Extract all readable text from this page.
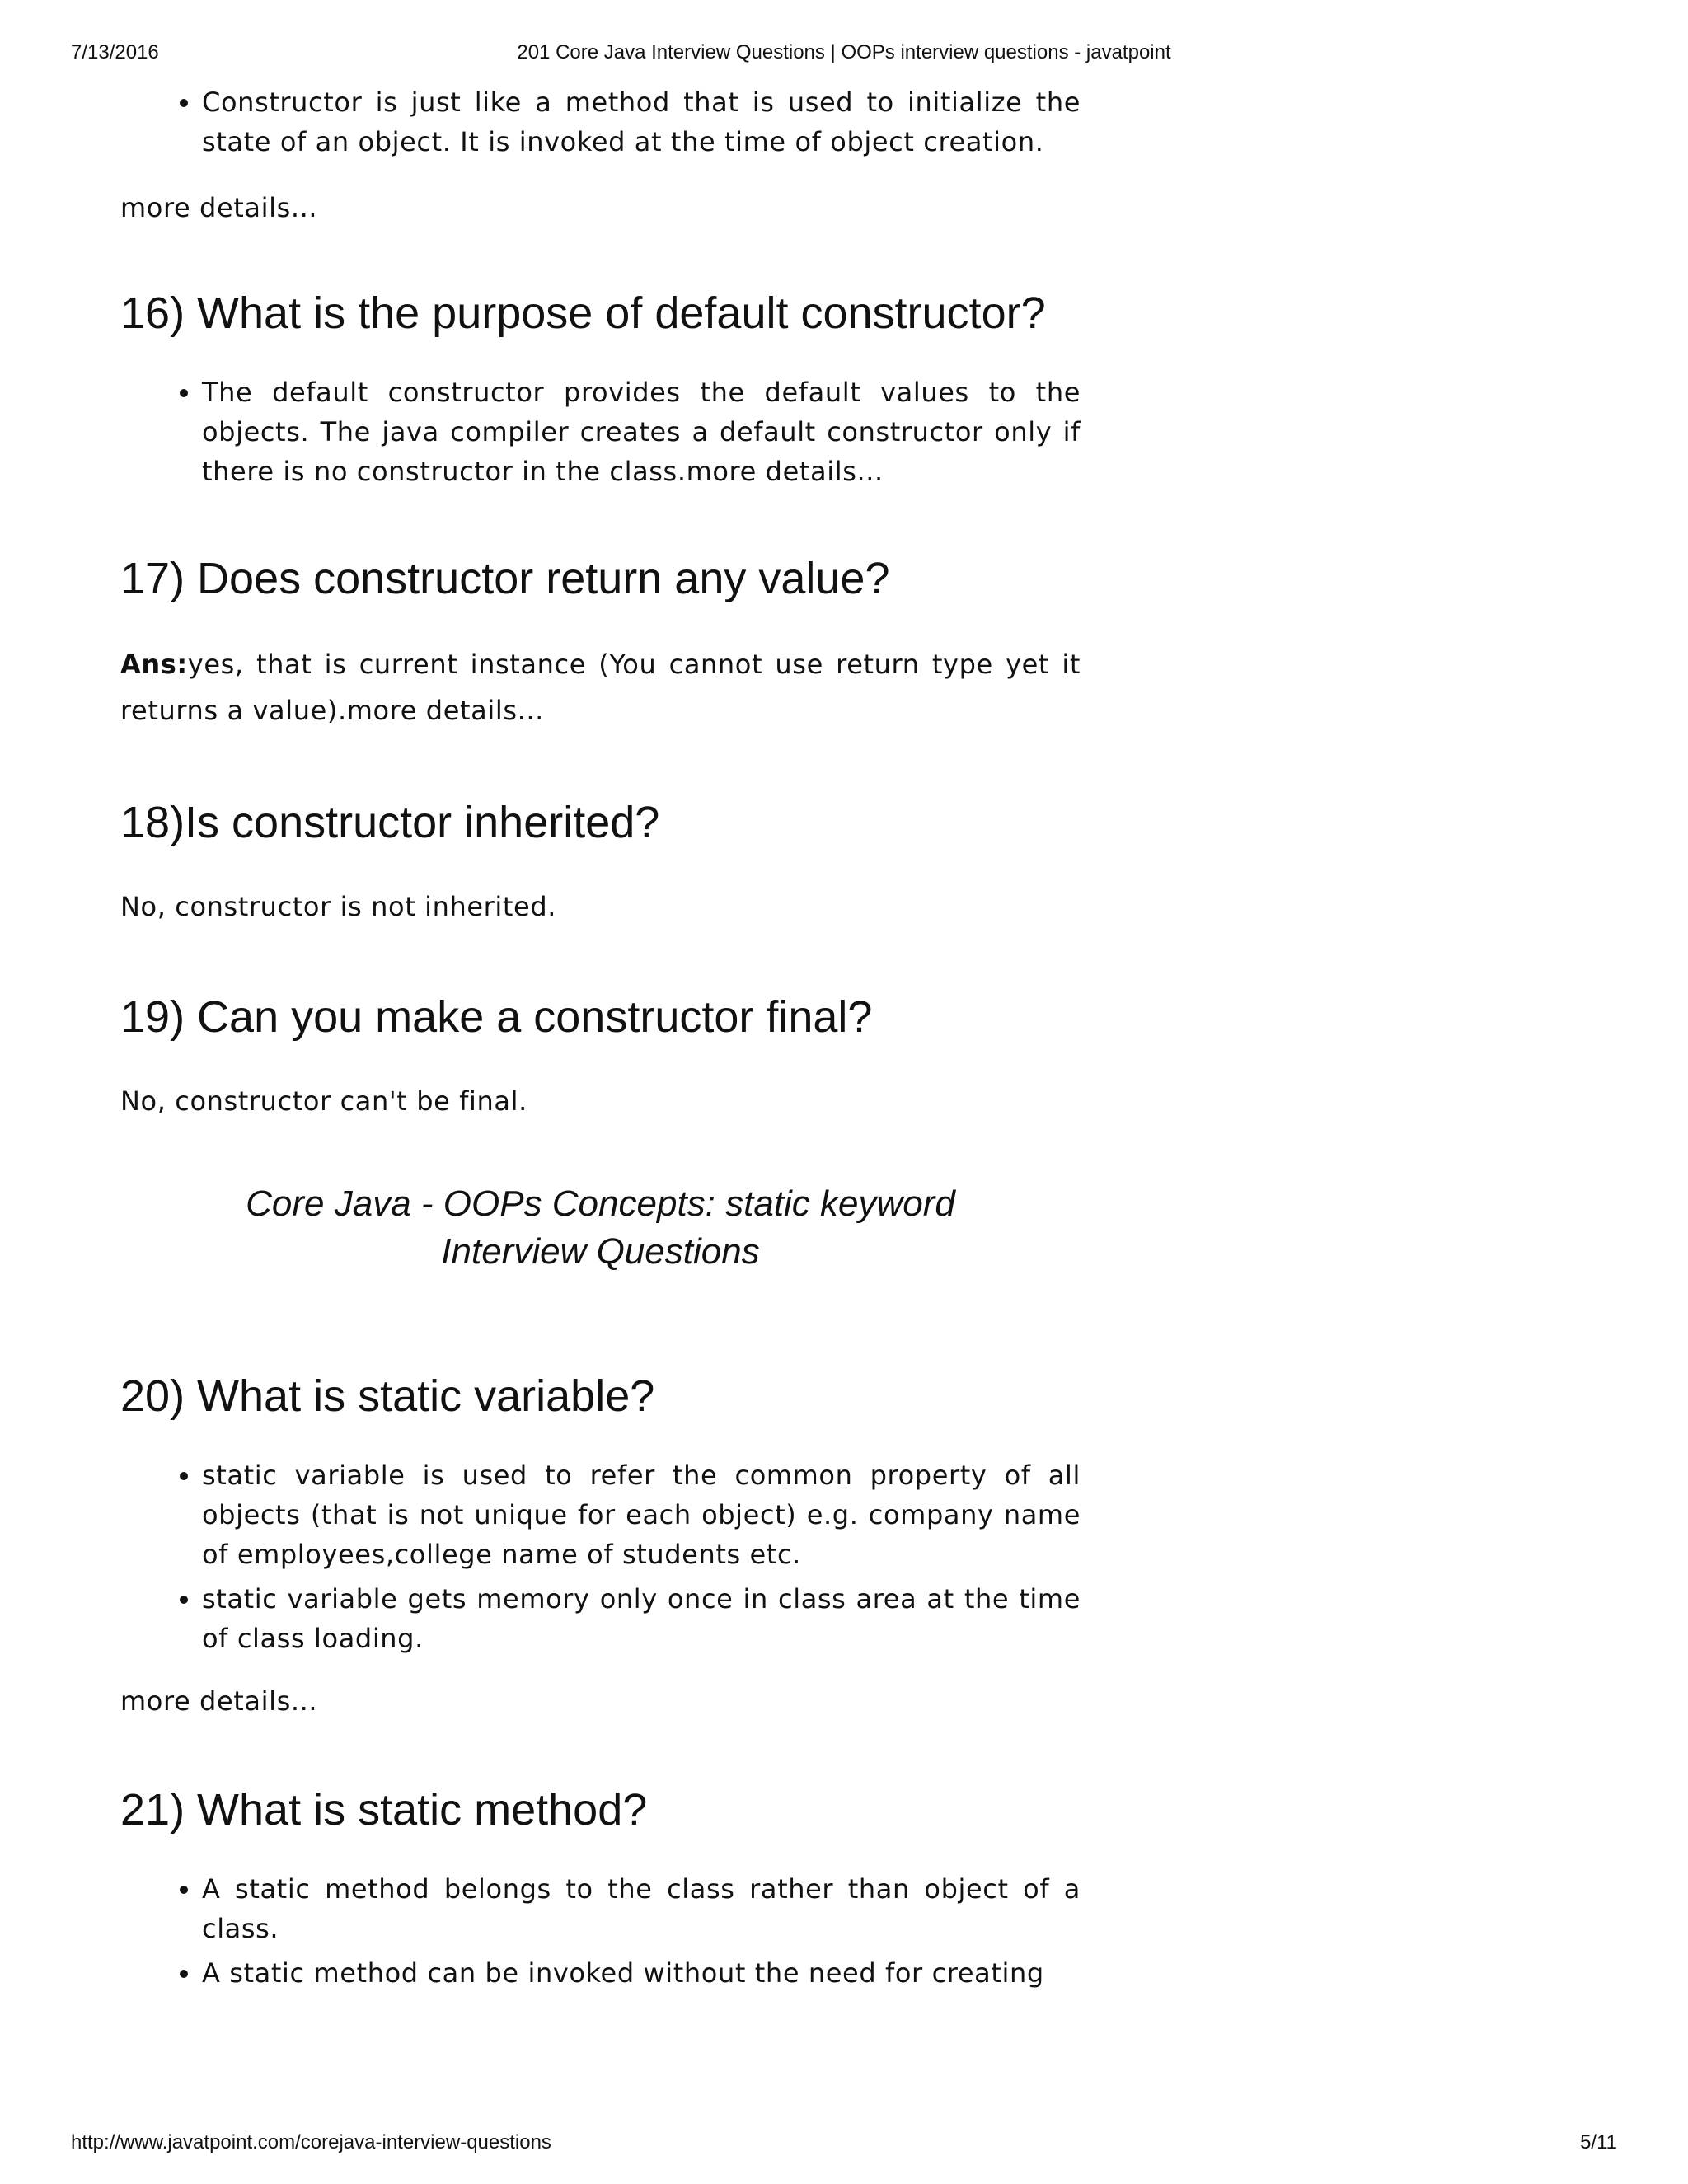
7/13/2016	201 Core Java Interview Questions | OOPs interview questions - javatpoint
• Constructor is just like a method that is used to initialize the state of an object. It is invoked at the time of object creation.

more details...

16) What is the purpose of default constructor?
• The default constructor provides the default values to the objects. The java compiler creates a default constructor only if there is no constructor in the class.more details...
17) Does constructor return any value?

Ans:yes, that is current instance (You cannot use return type yet it returns a value).more details...

18)Is constructor inherited?

No, constructor is not inherited.

19) Can you make a constructor final?

No, constructor can't be final.

Core Java - OOPs Concepts: static keyword

Interview Questions

20) What is static variable?
• static variable is used to refer the common property of all objects (that is not unique for each object) e.g. company name of employees,college name of students etc.
• static variable gets memory only once in class area at the time of class loading.

more details...

21) What is static method?
• A static method belongs to the class rather than object of a class.
• A static method can be invoked without the need for creating
http://www.javatpoint.com/corejava-interview-questions	5/11
